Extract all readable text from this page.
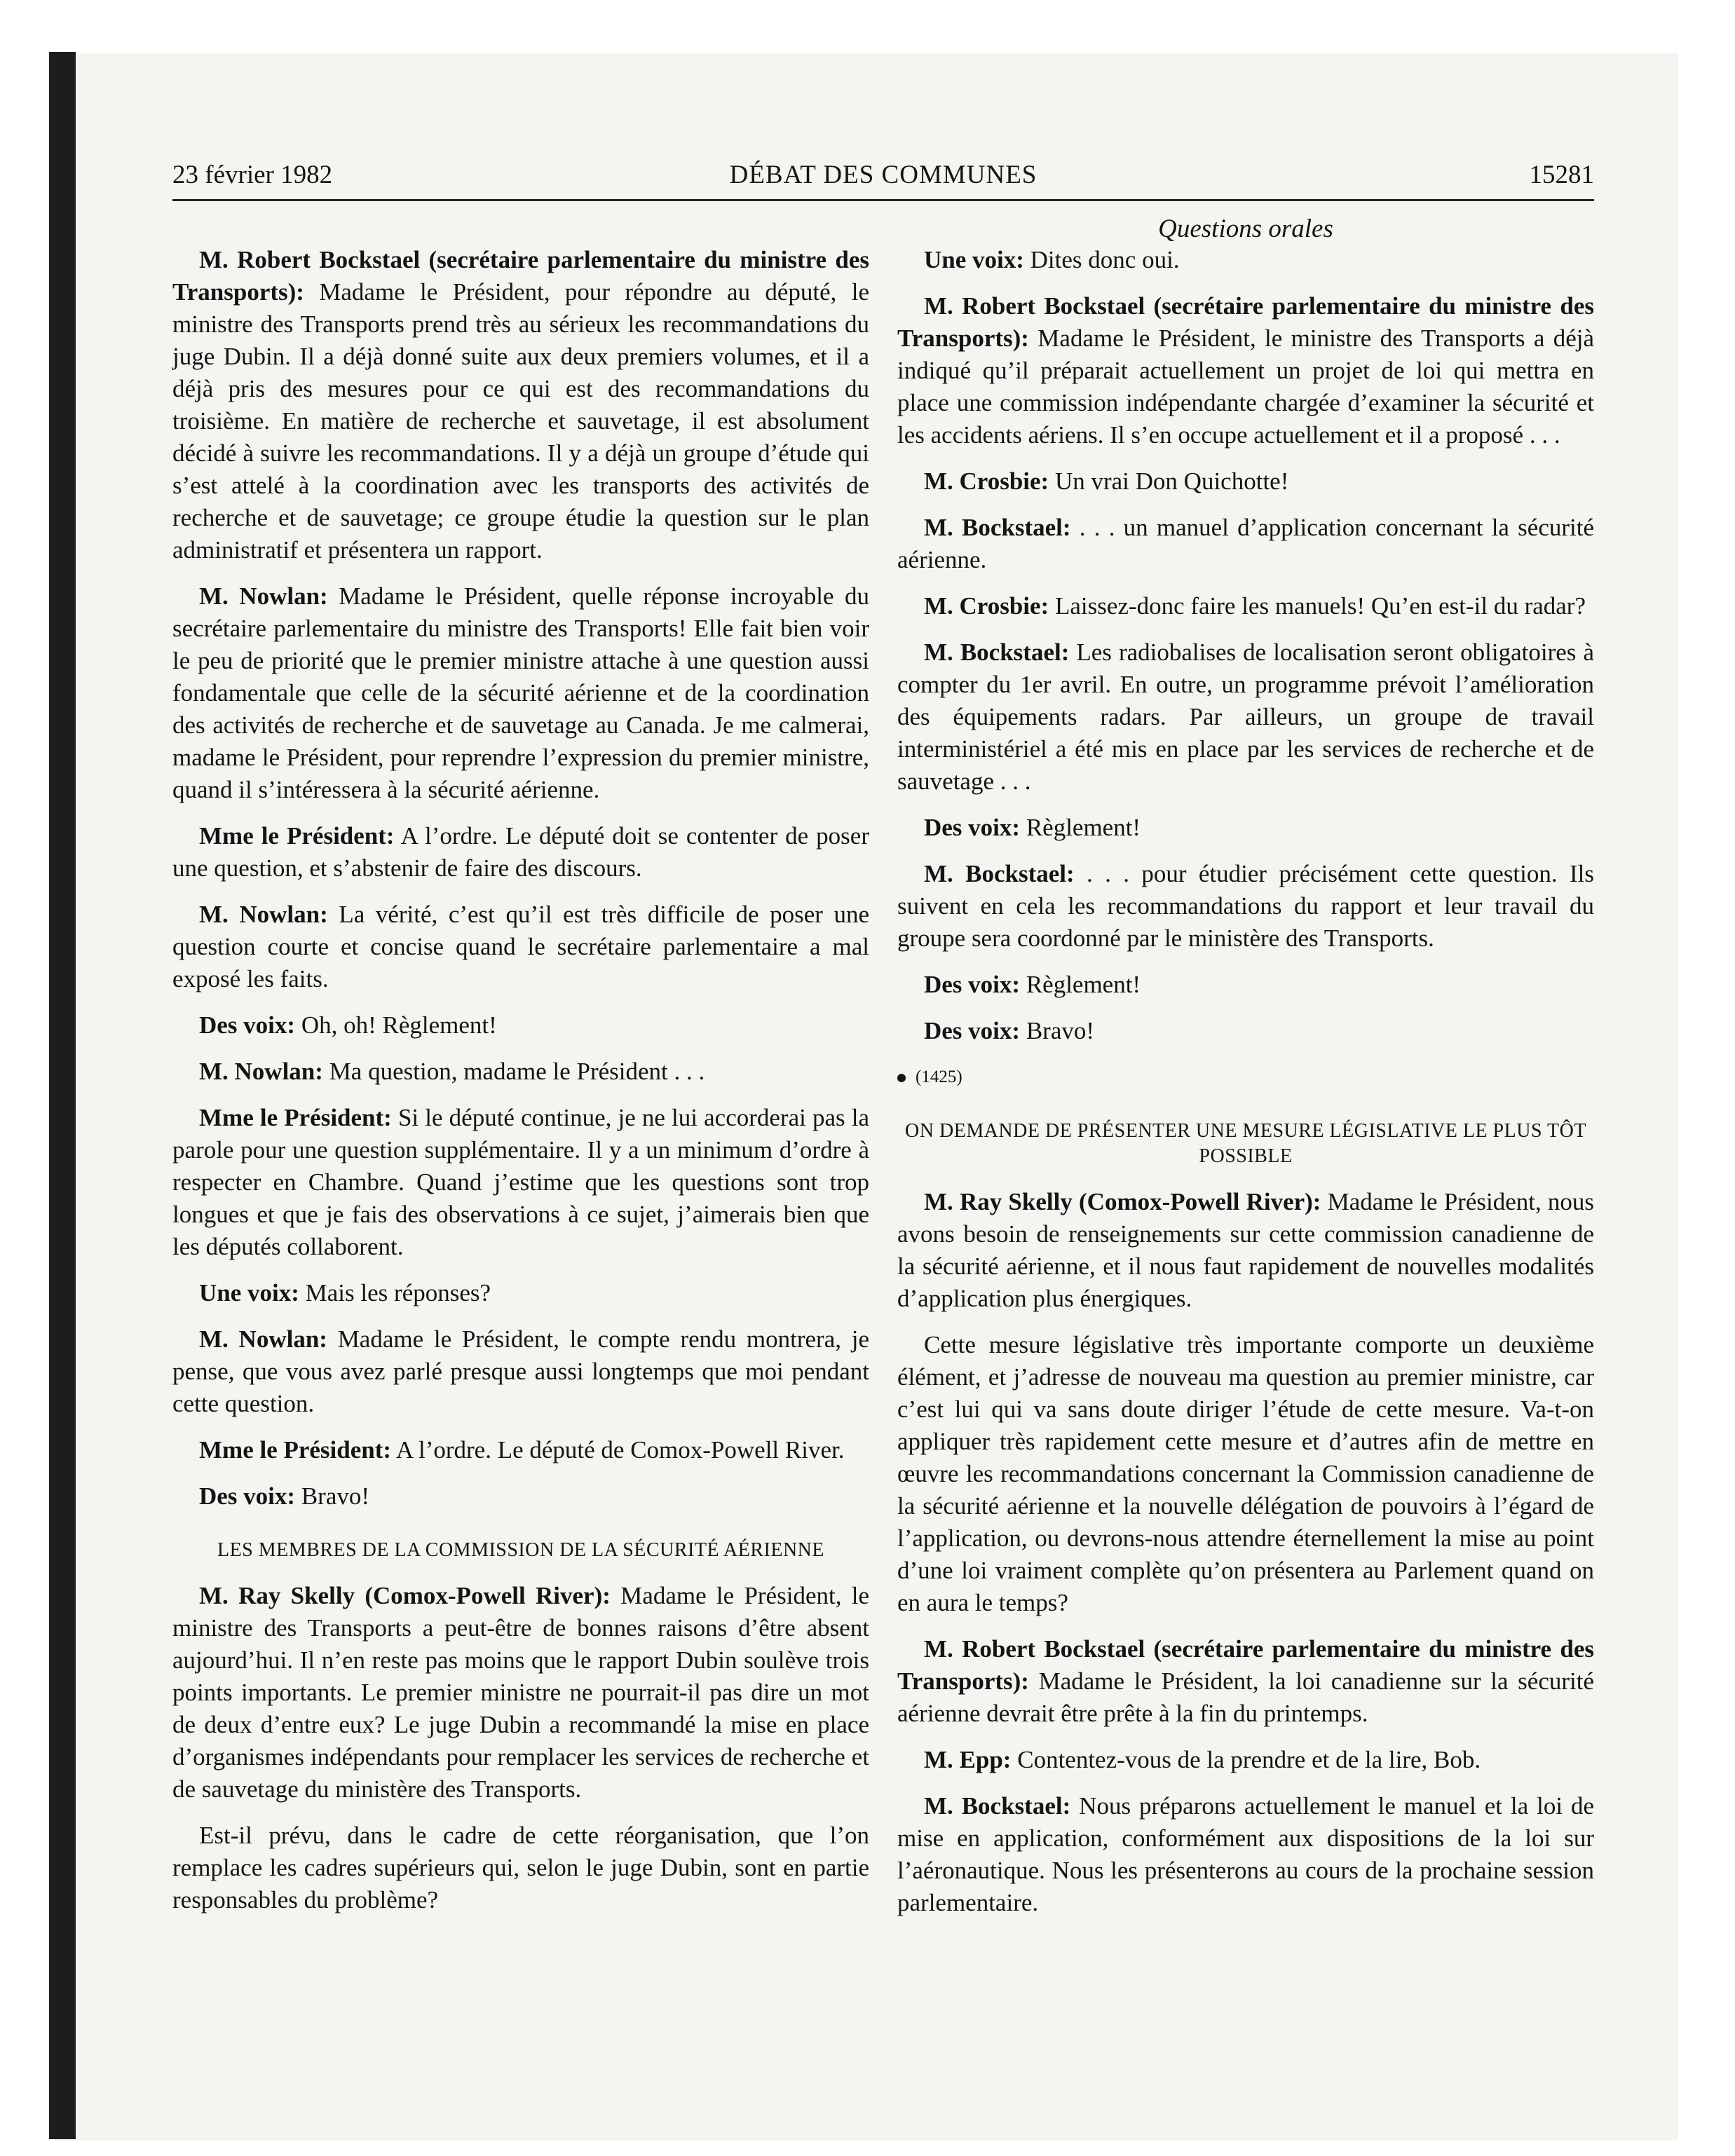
23 février 1982	DÉBAT DES COMMUNES	15281
Questions orales

M. Robert Bockstael (secrétaire parlementaire du ministre des Transports): Madame le Président, pour répondre au député, le ministre des Transports prend très au sérieux les recommandations du juge Dubin. Il a déjà donné suite aux deux premiers volumes, et il a déjà pris des mesures pour ce qui est des recommandations du troisième. En matière de recherche et sauvetage, il est absolument décidé à suivre les recommandations. Il y a déjà un groupe d’étude qui s’est attelé à la coordination avec les transports des activités de recherche et de sauvetage; ce groupe étudie la question sur le plan administratif et présentera un rapport.

M. Nowlan: Madame le Président, quelle réponse incroyable du secrétaire parlementaire du ministre des Transports! Elle fait bien voir le peu de priorité que le premier ministre attache à une question aussi fondamentale que celle de la sécurité aérienne et de la coordination des activités de recherche et de sauvetage au Canada. Je me calmerai, madame le Président, pour reprendre l’expression du premier ministre, quand il s’intéressera à la sécurité aérienne.

Mme le Président: A l’ordre. Le député doit se contenter de poser une question, et s’abstenir de faire des discours.

M. Nowlan: La vérité, c’est qu’il est très difficile de poser une question courte et concise quand le secrétaire parlementaire a mal exposé les faits.

Des voix: Oh, oh! Règlement!

M. Nowlan: Ma question, madame le Président . . .

Mme le Président: Si le député continue, je ne lui accorderai pas la parole pour une question supplémentaire. Il y a un minimum d’ordre à respecter en Chambre. Quand j’estime que les questions sont trop longues et que je fais des observations à ce sujet, j’aimerais bien que les députés collaborent.

Une voix: Mais les réponses?

M. Nowlan: Madame le Président, le compte rendu montrera, je pense, que vous avez parlé presque aussi longtemps que moi pendant cette question.

Mme le Président: A l’ordre. Le député de Comox-Powell River.

Des voix: Bravo!

LES MEMBRES DE LA COMMISSION DE LA SÉCURITÉ AÉRIENNE

M. Ray Skelly (Comox-Powell River): Madame le Président, le ministre des Transports a peut-être de bonnes raisons d’être absent aujourd’hui. Il n’en reste pas moins que le rapport Dubin soulève trois points importants. Le premier ministre ne pourrait-il pas dire un mot de deux d’entre eux? Le juge Dubin a recommandé la mise en place d’organismes indépendants pour remplacer les services de recherche et de sauvetage du ministère des Transports.

Est-il prévu, dans le cadre de cette réorganisation, que l’on remplace les cadres supérieurs qui, selon le juge Dubin, sont en partie responsables du problème?

Une voix: Dites donc oui.

M. Robert Bockstael (secrétaire parlementaire du ministre des Transports): Madame le Président, le ministre des Transports a déjà indiqué qu’il préparait actuellement un projet de loi qui mettra en place une commission indépendante chargée d’examiner la sécurité et les accidents aériens. Il s’en occupe actuellement et il a proposé . . .

M. Crosbie: Un vrai Don Quichotte!

M. Bockstael: . . . un manuel d’application concernant la sécurité aérienne.

M. Crosbie: Laissez-donc faire les manuels! Qu’en est-il du radar?

M. Bockstael: Les radiobalises de localisation seront obligatoires à compter du 1er avril. En outre, un programme prévoit l’amélioration des équipements radars. Par ailleurs, un groupe de travail interministériel a été mis en place par les services de recherche et de sauvetage . . .

Des voix: Règlement!

M. Bockstael: . . . pour étudier précisément cette question. Ils suivent en cela les recommandations du rapport et leur travail du groupe sera coordonné par le ministère des Transports.

Des voix: Règlement!

Des voix: Bravo!

(1425)

ON DEMANDE DE PRÉSENTER UNE MESURE LÉGISLATIVE LE PLUS TÔT POSSIBLE

M. Ray Skelly (Comox-Powell River): Madame le Président, nous avons besoin de renseignements sur cette commission canadienne de la sécurité aérienne, et il nous faut rapidement de nouvelles modalités d’application plus énergiques.

Cette mesure législative très importante comporte un deuxième élément, et j’adresse de nouveau ma question au premier ministre, car c’est lui qui va sans doute diriger l’étude de cette mesure. Va-t-on appliquer très rapidement cette mesure et d’autres afin de mettre en œuvre les recommandations concernant la Commission canadienne de la sécurité aérienne et la nouvelle délégation de pouvoirs à l’égard de l’application, ou devrons-nous attendre éternellement la mise au point d’une loi vraiment complète qu’on présentera au Parlement quand on en aura le temps?

M. Robert Bockstael (secrétaire parlementaire du ministre des Transports): Madame le Président, la loi canadienne sur la sécurité aérienne devrait être prête à la fin du printemps.

M. Epp: Contentez-vous de la prendre et de la lire, Bob.

M. Bockstael: Nous préparons actuellement le manuel et la loi de mise en application, conformément aux dispositions de la loi sur l’aéronautique. Nous les présenterons au cours de la prochaine session parlementaire.
